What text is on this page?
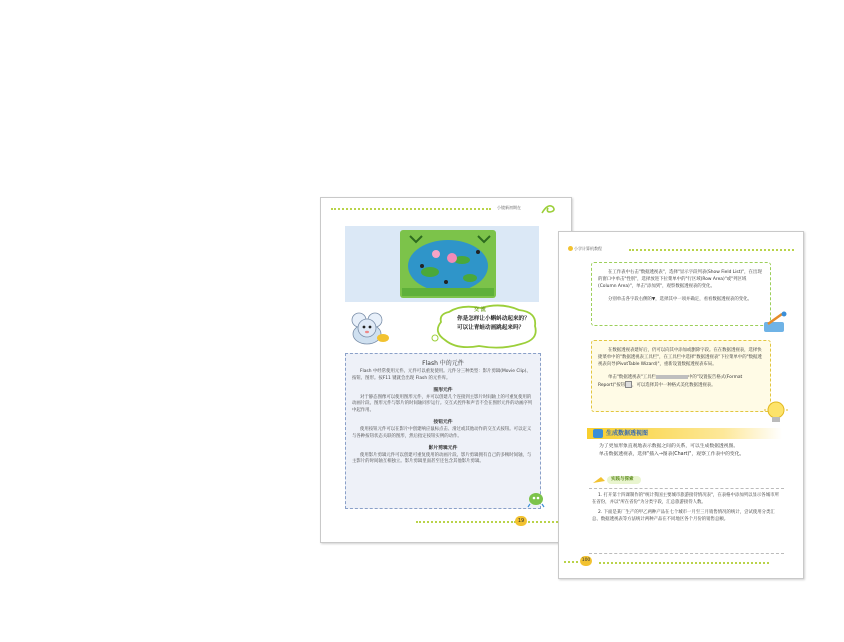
小镜新初期在
交 流
你是怎样让小蝌蚪动起来的？可以让青蛙动画跳起来吗？
Flash 中的元件

Flash 中经常使用元件。元件可以重复使用。元件分三种类型：影片剪辑(Movie Clip)、按钮、图形。按F11 键就会出现 Flash 的元件库。

图形元件

对于静态图像可以使用图形元件，并可以创建几个连接到主影片时间轴上的可重复使用的动画片段。图形元件与影片的时间轴同步运行。交互式控件和声音不会在图形元件的动画序列中起作用。

按钮元件

使用按钮元件可以在影片中创建响应鼠标点击、滑过或其他动作的交互式按钮。可以定义与各种按钮状态关联的图形，然后指定按钮实例的动作。

影片剪辑元件

使用影片剪辑元件可以创建可重复使用的动画片段。影片剪辑拥有自己的多帧时间轴，与主影片的时间轴互相独立。影片剪辑里面甚至还包含其他影片剪辑。

19
小学计算机教程

在工作表中右击"数据透视表"，选择"显示字段列表(Show Field List)"，在出现的窗口中单击"性别"，选择放进下拉菜单中的"行区域(Row Area)"或"列区域(Column Area)"，单击"添加到"，观察数据透视表的变化。

分别单击各字段右侧的▼，选择其中一项并确定，看看数据透视表的变化。

在数据透视表建好后，仍可以向其中添加或删除字段。在在数据透视表，选择快捷菜单中的"数据透视表工具栏"，在工具栏中选择"数据透视表"下拉菜单中的"数据透视表向导(PivotTable Wizard)"，重新设置数据透视表布局。

单击"数据透视表"工具栏	中的"设置报告格式(Format Report)"按钮 ，可以选择其中一种格式美化数据透视表。

生成数据透视图

为了更加形象直观地表示数据之间的关系，可以生成数据透视图。

单击数据透视表，选择"插入→图表(Chart)"，观察工作表中的变化。

实践与探索

1. 打开第十四课制作的"统计我国主要城市旅游接待情况表"，在表格中添加列以显示各城市所在省份，并以"所在省份"为分类字段，汇总旅游接待人数。

2. 下面是某厂生产的甲乙两种产品在七个城市一月至三月销售情况的统计，尝试使用分类汇总、数据透视表等方法统计两种产品在不同地区各个月份的销售总额。

100
